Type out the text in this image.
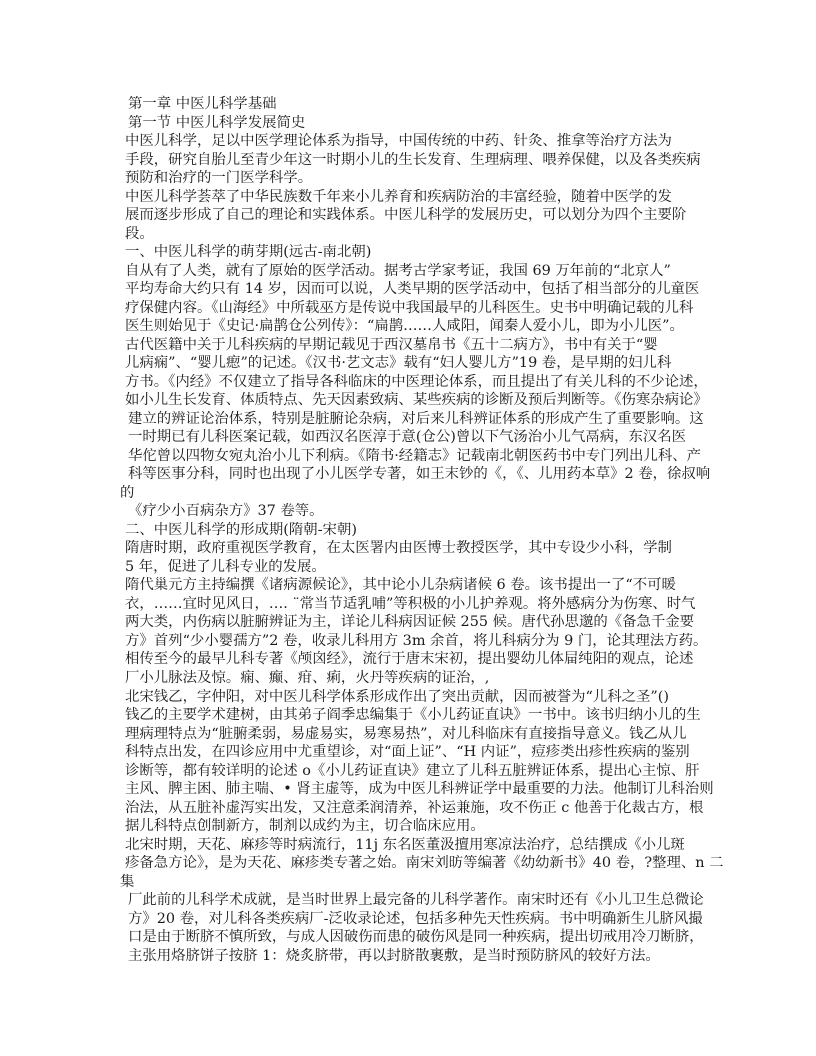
第一章 中医儿科学基础
第一节 中医儿科学发展简史
中医儿科学，足以中医学理论体系为指导，中国传统的中药、针灸、推拿等治疗方法为
手段，研究自胎儿至青少年这一时期小儿的生长发育、生理病理、喂养保健，以及各类疾病
预防和治疗的一门医学科学。
中医儿科学荟萃了中华民族数千年来小儿养育和疾病防治的丰富经验，随着中医学的发
展而逐步形成了自己的理论和实践体系。中医儿科学的发展历史，可以划分为四个主要阶
段。
一、中医儿科学的萌芽期(远古-南北朝)
自从有了人类，就有了原始的医学活动。据考古学家考证，我国 69 万年前的“北京人”
平均寿命大约只有 14 岁，因而可以说，人类早期的医学活动中，包括了相当部分的儿童医
疗保健内容。《山海经》中所载巫方是传说中我国最早的儿科医生。史书中明确记载的儿科
医生则始见于《史记·扁鹊仓公列传》：“扁鹊……人咸阳，闻秦人爱小儿，即为小儿医”。
古代医籍中关于儿科疾病的早期记载见于西汉墓帛书《五十二病方》，书中有关于“婴
儿病痫”、“婴儿瘛”的记述。《汉书·艺文志》载有“妇人婴儿方”19 卷，是早期的妇儿科
方书。《内经》不仅建立了指导各科临床的中医理论体系，而且提出了有关儿科的不少论述，
如小儿生长发育、体质特点、先天因素致病、某些疾病的诊断及预后判断等。《伤寒杂病论》
建立的辨证论治体系，特别是脏腑论杂病，对后来儿科辨证体系的形成产生了重要影响。这
一时期已有儿科医案记载，如西汉名医淳于意(仓公)曾以下气汤治小儿气鬲病，东汉名医
华佗曾以四物女宛丸治小儿下利病。《隋书·经籍志》记载南北朝医药书中专门列出儿科、产
科等医事分科，同时也出现了小儿医学专著，如王末钞的《，《、儿用药本草》2 卷，徐叔响
的
《疗少小百病杂方》37 卷等。
二、中医儿科学的形成期(隋朝-宋朝)
隋唐时期，政府重视医学教育，在太医署内由医博士教授医学，其中专设少小科，学制
5 年，促进了儿科专业的发展。
隋代巢元方主持编撰《诸病源候论》，其中论小儿杂病诸候 6 卷。该书提出一了“不可暖
衣，……宜时见风日，…. ¨常当节适乳哺”等积极的小儿护养观。将外感病分为伤寒、时气
两大类，内伤病以脏腑辨证为主，详论儿科病因证候 255 候。唐代孙思邈的《备急千金要
方》首列“少小婴孺方”2 卷，收录儿科用方 3m 余首，将儿科病分为 9 门，论其理法方药。
相传至今的最早儿科专著《颅囟经》，流行于唐末宋初，提出婴幼儿体屇纯阳的观点，论述
厂小儿脉法及惊。痫、癫、疳、痢，火丹等疾病的证治，,
北宋钱乙，字仲阳，对中医儿科学体系形成作出了突出贡献，因而被誉为“儿科之圣”()
钱乙的主要学术建树，由其弟子阎季忠编集于《小儿药证直诀》一书中。该书归纳小儿的生
理病理特点为“脏腑柔弱，易虚易实，易寒易热”，对儿科临床有直接指导意义。钱乙从儿
科特点出发，在四诊应用中尤重望诊，对“面上证”、“H 内证”，痘疹类出疹性疾病的鉴别
诊断等，都有较详明的论述 o《小儿药证直诀》建立了儿科五脏辨证体系，提出心主惊、肝
主风、脾主困、肺主喘、• 肾主虚等，成为中医儿科辨证学中最重要的力法。他制订儿科治则
治法，从五脏补虚泻实出发，又注意柔润清养，补运兼施，攻不伤正 c 他善于化裁古方，根
据儿科特点创制新方，制剂以成约为主，切合临床应用。
北宋时期，天花、麻疹等时病流行，11j 东名医董汲擅用寒凉法治疗，总结撰成《小儿斑
疹备急方论》，是为天花、麻疹类专著之始。南宋刘昉等编著《幼幼新书》40 卷，?整理、n 二
集
厂此前的儿科学术成就，是当时世界上最完备的儿科学著作。南宋时还有《小儿卫生总微论
方》20 卷，对儿科各类疾病厂-泛收录论述，包括多种先天性疾病。书中明确新生儿脐风撮
口是由于断脐不慎所致，与成人因破伤而患的破伤风是同一种疾病，提出切戒用冷刀断脐，
主张用烙脐饼子按脐 1：烧炙脐带，再以封脐散裹敷，是当时预防脐风的较好方法。
